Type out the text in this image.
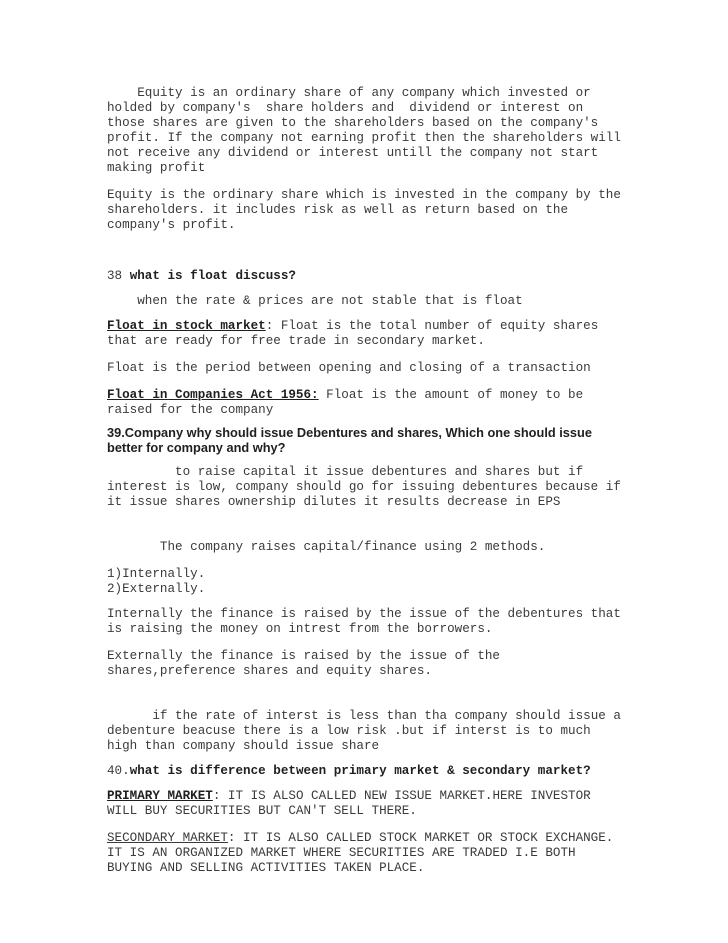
Equity is an ordinary share of any company which invested or holded by company's  share holders and  dividend or interest on those shares are given to the shareholders based on the company's profit. If the company not earning profit then the shareholders will not receive any dividend or interest untill the company not start making profit

Equity is the ordinary share which is invested in the company by the shareholders. it includes risk as well as return based on the company's profit.

38 what is float discuss?

when the rate & prices are not stable that is float

Float in stock market: Float is the total number of equity shares that are ready for free trade in secondary market.

Float is the period between opening and closing of a transaction

Float in Companies Act 1956: Float is the amount of money to be raised for the company

39.Company why should issue Debentures and shares, Which one should issue better for company and why?

to raise capital it issue debentures and shares but if interest is low, company should go for issuing debentures because if it issue shares ownership dilutes it results decrease in EPS

The company raises capital/finance using 2 methods.

1)Internally.

2)Externally.

Internally the finance is raised by the issue of the debentures that is raising the money on intrest from the borrowers.

Externally the finance is raised by the issue of the shares,preference shares and equity shares.

if the rate of interst is less than tha company should issue a debenture beacuse there is a low risk .but if interst is to much high than company should issue share

40.what is difference between primary market & secondary market?

PRIMARY MARKET: IT IS ALSO CALLED NEW ISSUE MARKET.HERE INVESTOR WILL BUY SECURITIES BUT CAN'T SELL THERE.

SECONDARY MARKET: IT IS ALSO CALLED STOCK MARKET OR STOCK EXCHANGE. IT IS AN ORGANIZED MARKET WHERE SECURITIES ARE TRADED I.E BOTH BUYING AND SELLING ACTIVITIES TAKEN PLACE.
